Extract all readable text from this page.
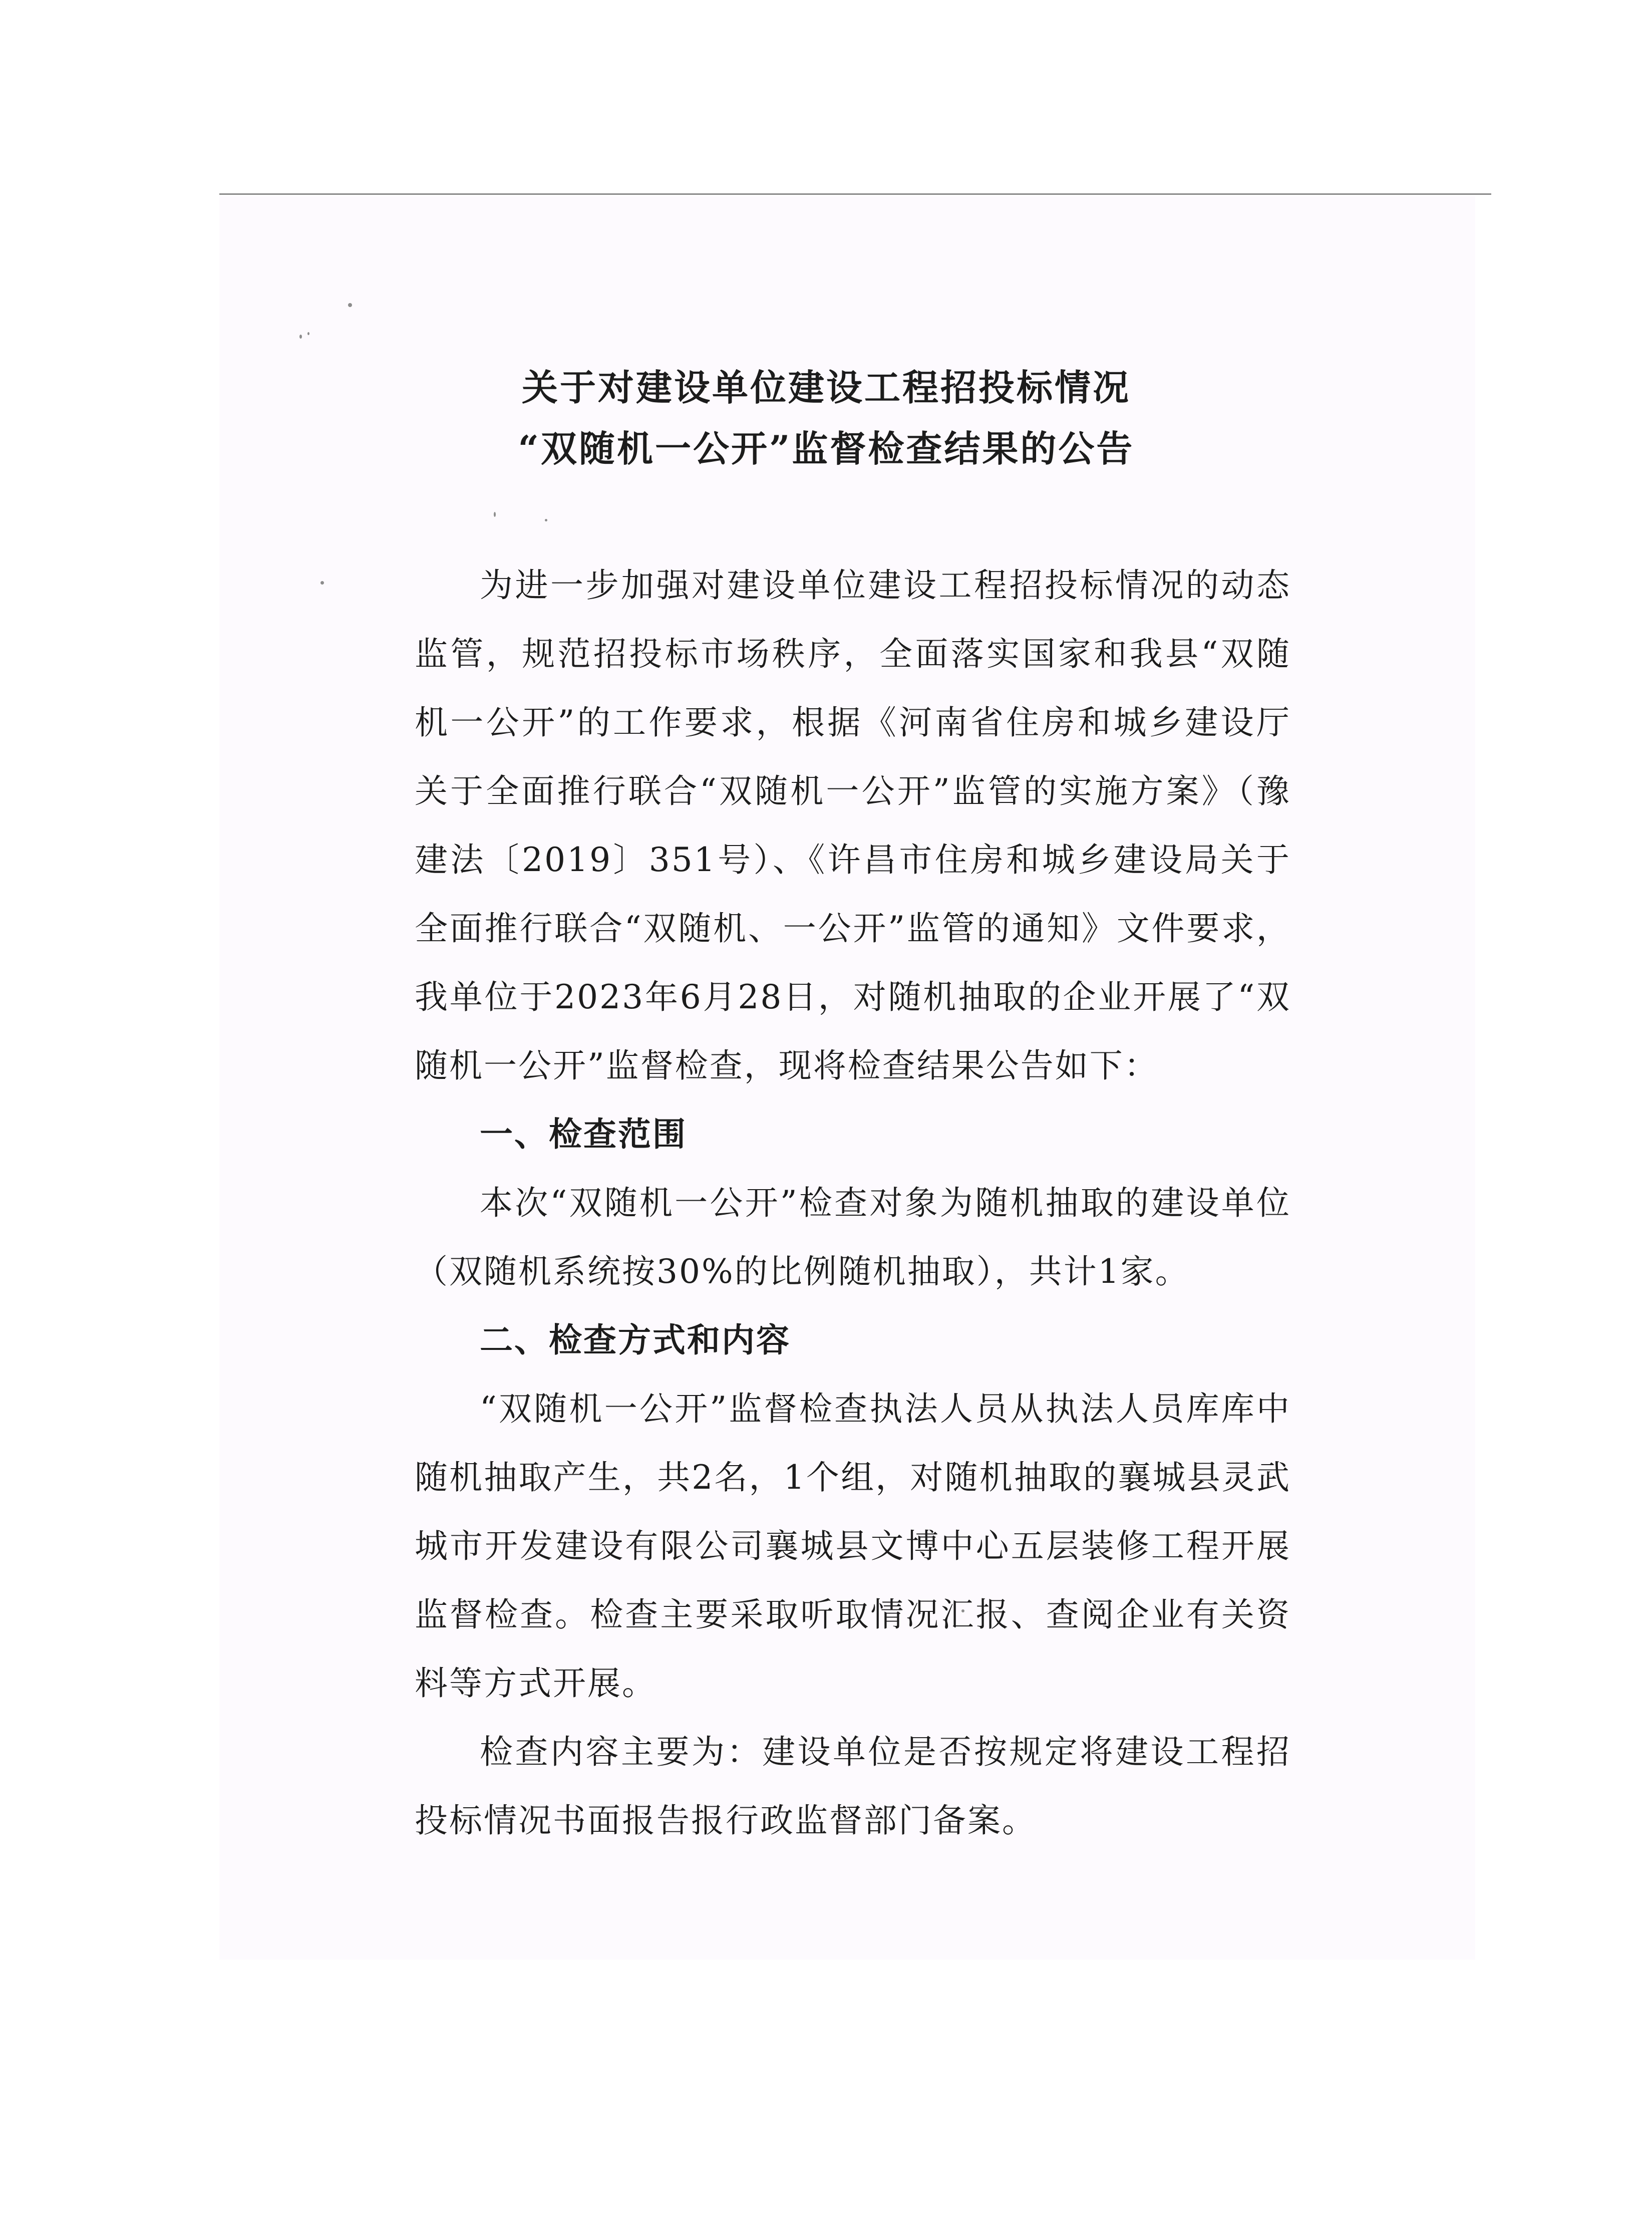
关于对建设单位建设工程招投标情况
“双随机一公开”监督检查结果的公告

为进一步加强对建设单位建设工程招投标情况的动态监管，规范招投标市场秩序，全面落实国家和我县“双随机一公开”的工作要求，根据《河南省住房和城乡建设厅关于全面推行联合“双随机一公开”监管的实施方案》（豫建法〔2019〕351号）、《许昌市住房和城乡建设局关于全面推行联合“双随机、一公开”监管的通知》文件要求，我单位于2023年6月28日，对随机抽取的企业开展了“双随机一公开”监督检查，现将检查结果公告如下：

一、检查范围

本次“双随机一公开”检查对象为随机抽取的建设单位（双随机系统按30%的比例随机抽取），共计1家。

二、检查方式和内容

“双随机一公开”监督检查执法人员从执法人员库库中随机抽取产生，共2名，1个组，对随机抽取的襄城县灵武城市开发建设有限公司襄城县文博中心五层装修工程开展监督检查。检查主要采取听取情况汇报、查阅企业有关资料等方式开展。

检查内容主要为：建设单位是否按规定将建设工程招投标情况书面报告报行政监督部门备案。
